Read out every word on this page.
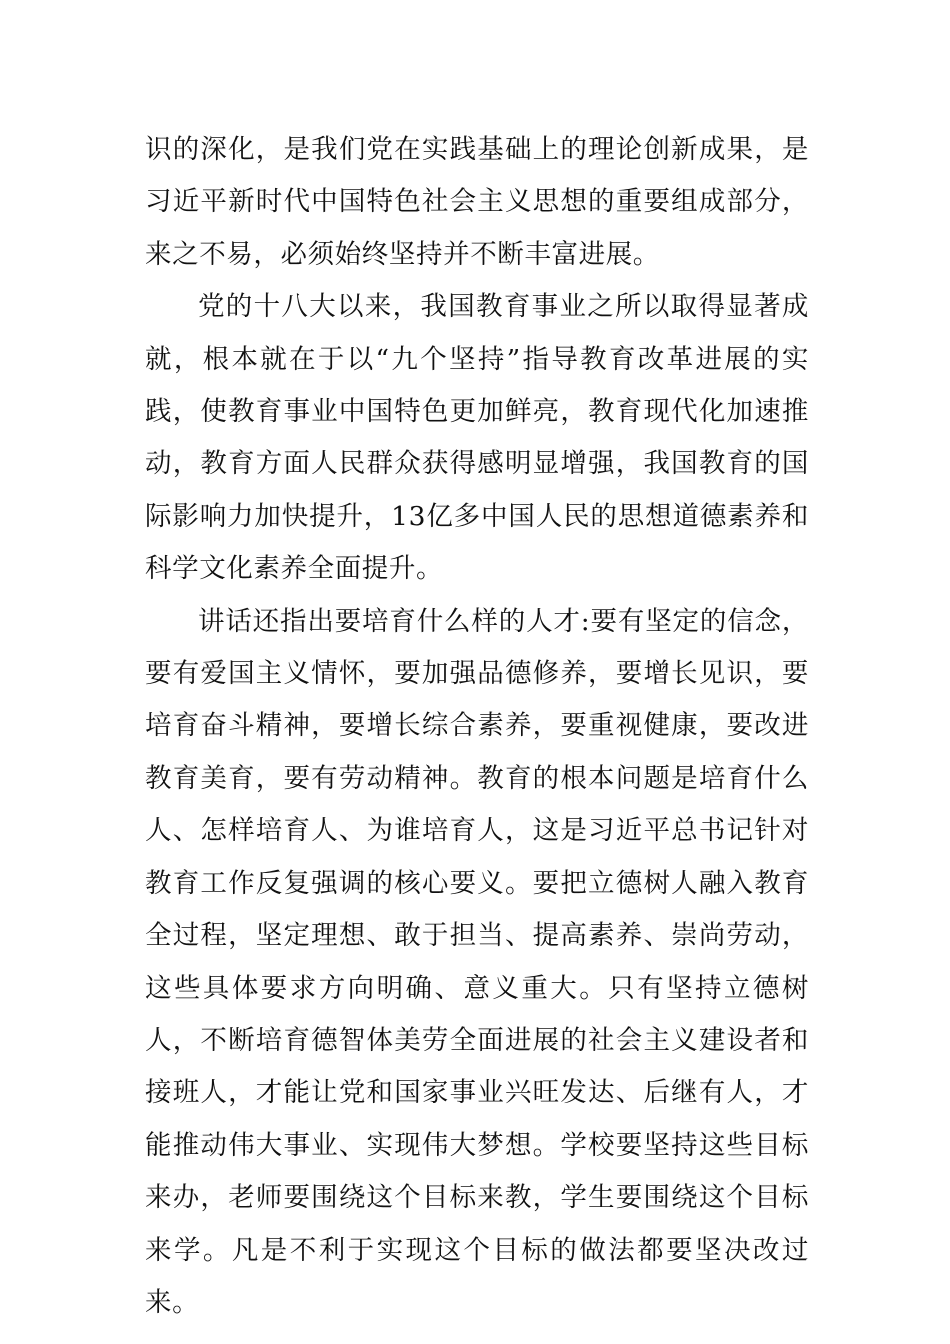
识的深化，是我们党在实践基础上的理论创新成果，是习近平新时代中国特色社会主义思想的重要组成部分，来之不易，必须始终坚持并不断丰富进展。

党的十八大以来，我国教育事业之所以取得显著成就，根本就在于以“九个坚持”指导教育改革进展的实践，使教育事业中国特色更加鲜亮，教育现代化加速推动，教育方面人民群众获得感明显增强，我国教育的国际影响力加快提升，13亿多中国人民的思想道德素养和科学文化素养全面提升。

讲话还指出要培育什么样的人才:要有坚定的信念，要有爱国主义情怀，要加强品德修养，要增长见识，要培育奋斗精神，要增长综合素养，要重视健康，要改进教育美育，要有劳动精神。教育的根本问题是培育什么人、怎样培育人、为谁培育人，这是习近平总书记针对教育工作反复强调的核心要义。要把立德树人融入教育全过程，坚定理想、敢于担当、提高素养、崇尚劳动，这些具体要求方向明确、意义重大。只有坚持立德树人，不断培育德智体美劳全面进展的社会主义建设者和接班人，才能让党和国家事业兴旺发达、后继有人，才能推动伟大事业、实现伟大梦想。学校要坚持这些目标来办，老师要围绕这个目标来教，学生要围绕这个目标来学。凡是不利于实现这个目标的做法都要坚决改过来。
